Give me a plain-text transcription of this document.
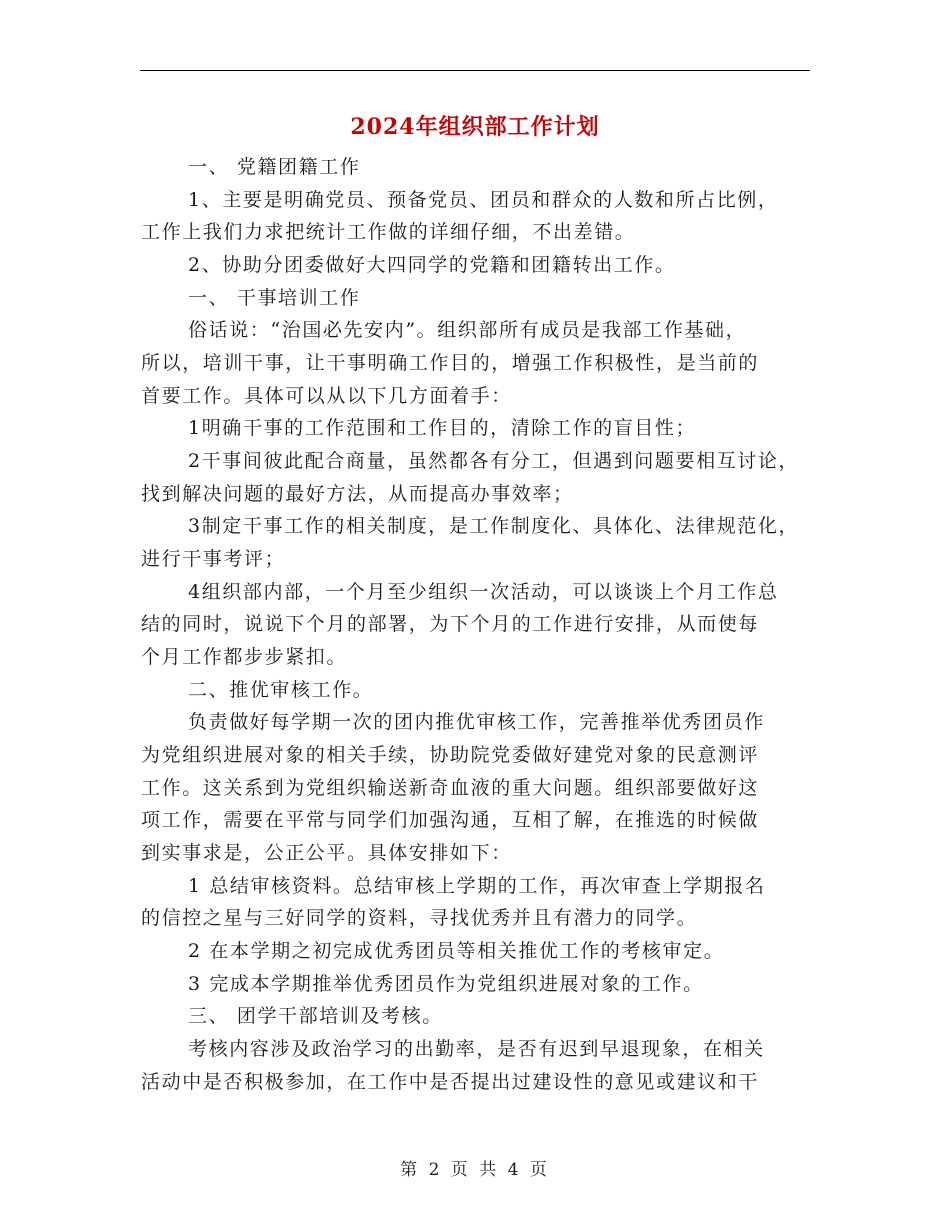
2024年组织部工作计划
一、 党籍团籍工作
1、主要是明确党员、预备党员、团员和群众的人数和所占比例，
工作上我们力求把统计工作做的详细仔细，不出差错。
2、协助分团委做好大四同学的党籍和团籍转出工作。
一、 干事培训工作
俗话说：“治国必先安内”。组织部所有成员是我部工作基础，
所以，培训干事，让干事明确工作目的，增强工作积极性，是当前的
首要工作。具体可以从以下几方面着手：
1明确干事的工作范围和工作目的，清除工作的盲目性；
2干事间彼此配合商量，虽然都各有分工，但遇到问题要相互讨论，
找到解决问题的最好方法，从而提高办事效率；
3制定干事工作的相关制度，是工作制度化、具体化、法律规范化，
进行干事考评；
4组织部内部，一个月至少组织一次活动，可以谈谈上个月工作总
结的同时，说说下个月的部署，为下个月的工作进行安排，从而使每
个月工作都步步紧扣。
二、推优审核工作。
负责做好每学期一次的团内推优审核工作，完善推举优秀团员作
为党组织进展对象的相关手续，协助院党委做好建党对象的民意测评
工作。这关系到为党组织输送新奇血液的重大问题。组织部要做好这
项工作，需要在平常与同学们加强沟通，互相了解，在推选的时候做
到实事求是，公正公平。具体安排如下：
1 总结审核资料。总结审核上学期的工作，再次审查上学期报名
的信控之星与三好同学的资料，寻找优秀并且有潜力的同学。
2 在本学期之初完成优秀团员等相关推优工作的考核审定。
3 完成本学期推举优秀团员作为党组织进展对象的工作。
三、 团学干部培训及考核。
考核内容涉及政治学习的出勤率，是否有迟到早退现象，在相关
活动中是否积极参加，在工作中是否提出过建设性的意见或建议和干
第 2 页 共 4 页
